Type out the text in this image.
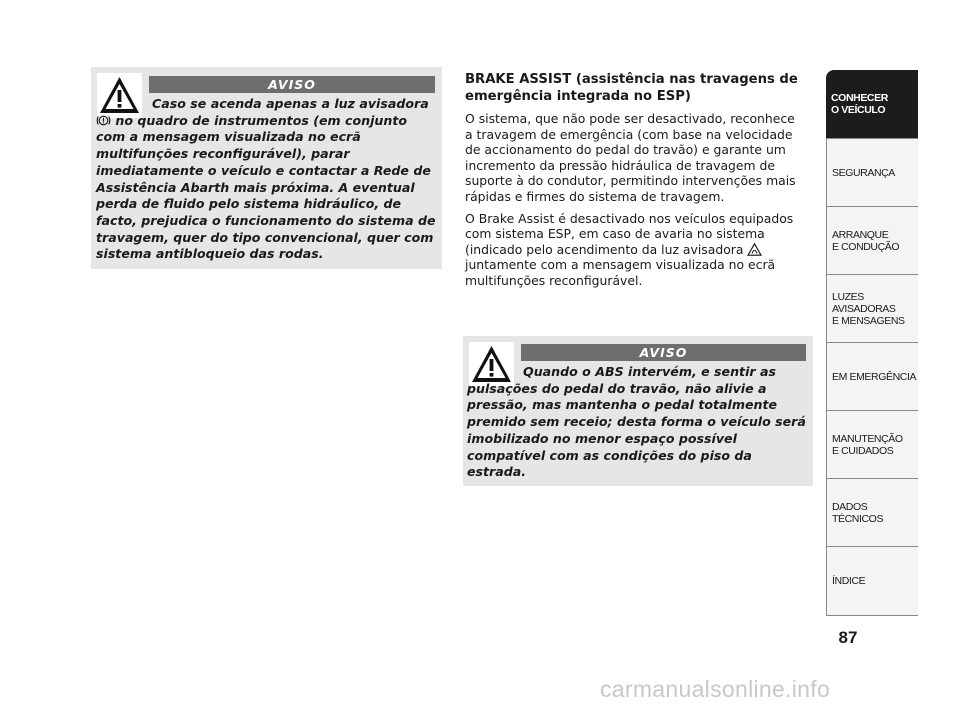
AVISO

Caso se acenda apenas a luz avisadora

no quadro de instrumentos (em conjunto com a mensagem visualizada no ecrã multifunções reconfigurável), parar imediatamente o veículo e contactar a Rede de Assistência Abarth mais próxima. A eventual perda de fluido pelo sistema hidráulico, de facto, prejudica o funcionamento do sistema de travagem, quer do tipo convencional, quer com sistema antibloqueio das rodas.

BRAKE ASSIST (assistência nas travagens de emergência integrada no ESP)

O sistema, que não pode ser desactivado, reconhece a travagem de emergência (com base na velocidade de accionamento do pedal do travão) e garante um incremento da pressão hidráulica de travagem de suporte à do condutor, permitindo intervenções mais rápidas e firmes do sistema de travagem.

O Brake Assist é desactivado nos veículos equipados com sistema ESP, em caso de avaria no sistema (indicado pelo acendimento da luz avisadora

juntamente com a mensagem visualizada no ecrã multifunções reconfigurável.

AVISO

Quando o ABS intervém, e sentir as pulsações do pedal do travão, não alivie a pressão, mas mantenha o pedal totalmente premido sem receio; desta forma o veículo será imobilizado no menor espaço possível compatível com as condições do piso da estrada.

CONHECER
O VEÍCULO
SEGURANÇA
ARRANQUE
E CONDUÇÃO
LUZES
AVISADORAS
E MENSAGENS
EM EMERGÊNCIA
MANUTENÇÃO
E CUIDADOS
DADOS
TÉCNICOS
ÍNDICE
87
carmanualsonline.info
